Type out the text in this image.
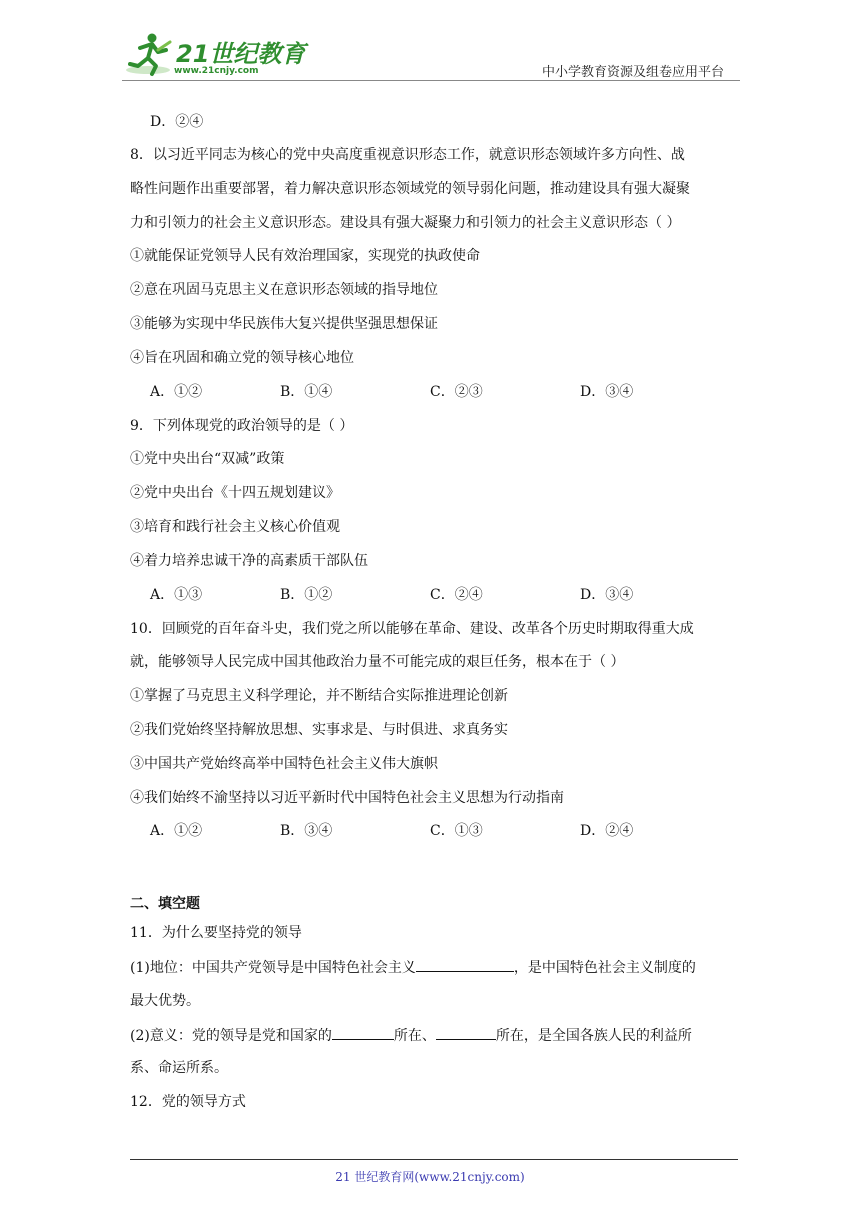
21世纪教育
www.21cnjy.com	中小学教育资源及组卷应用平台
D．②④
8．以习近平同志为核心的党中央高度重视意识形态工作，就意识形态领域许多方向性、战
略性问题作出重要部署，着力解决意识形态领域党的领导弱化问题，推动建设具有强大凝聚
力和引领力的社会主义意识形态。建设具有强大凝聚力和引领力的社会主义意识形态（ ）
①就能保证党领导人民有效治理国家，实现党的执政使命
②意在巩固马克思主义在意识形态领域的指导地位
③能够为实现中华民族伟大复兴提供坚强思想保证
④旨在巩固和确立党的领导核心地位
A．①②	B．①④	C．②③	D．③④
9．下列体现党的政治领导的是（ ）
①党中央出台“双减”政策
②党中央出台《十四五规划建议》
③培育和践行社会主义核心价值观
④着力培养忠诚干净的高素质干部队伍
A．①③	B．①②	C．②④	D．③④
10．回顾党的百年奋斗史，我们党之所以能够在革命、建设、改革各个历史时期取得重大成
就，能够领导人民完成中国其他政治力量不可能完成的艰巨任务，根本在于（ ）
①掌握了马克思主义科学理论，并不断结合实际推进理论创新
②我们党始终坚持解放思想、实事求是、与时俱进、求真务实
③中国共产党始终高举中国特色社会主义伟大旗帜
④我们始终不渝坚持以习近平新时代中国特色社会主义思想为行动指南
A．①②	B．③④	C．①③	D．②④
二、填空题
11．为什么要坚持党的领导
(1)地位：中国共产党领导是中国特色社会主义	，是中国特色社会主义制度的
最大优势。
(2)意义：党的领导是党和国家的	所在、	所在，是全国各族人民的利益所
系、命运所系。
12．党的领导方式
21 世纪教育网(www.21cnjy.com)
